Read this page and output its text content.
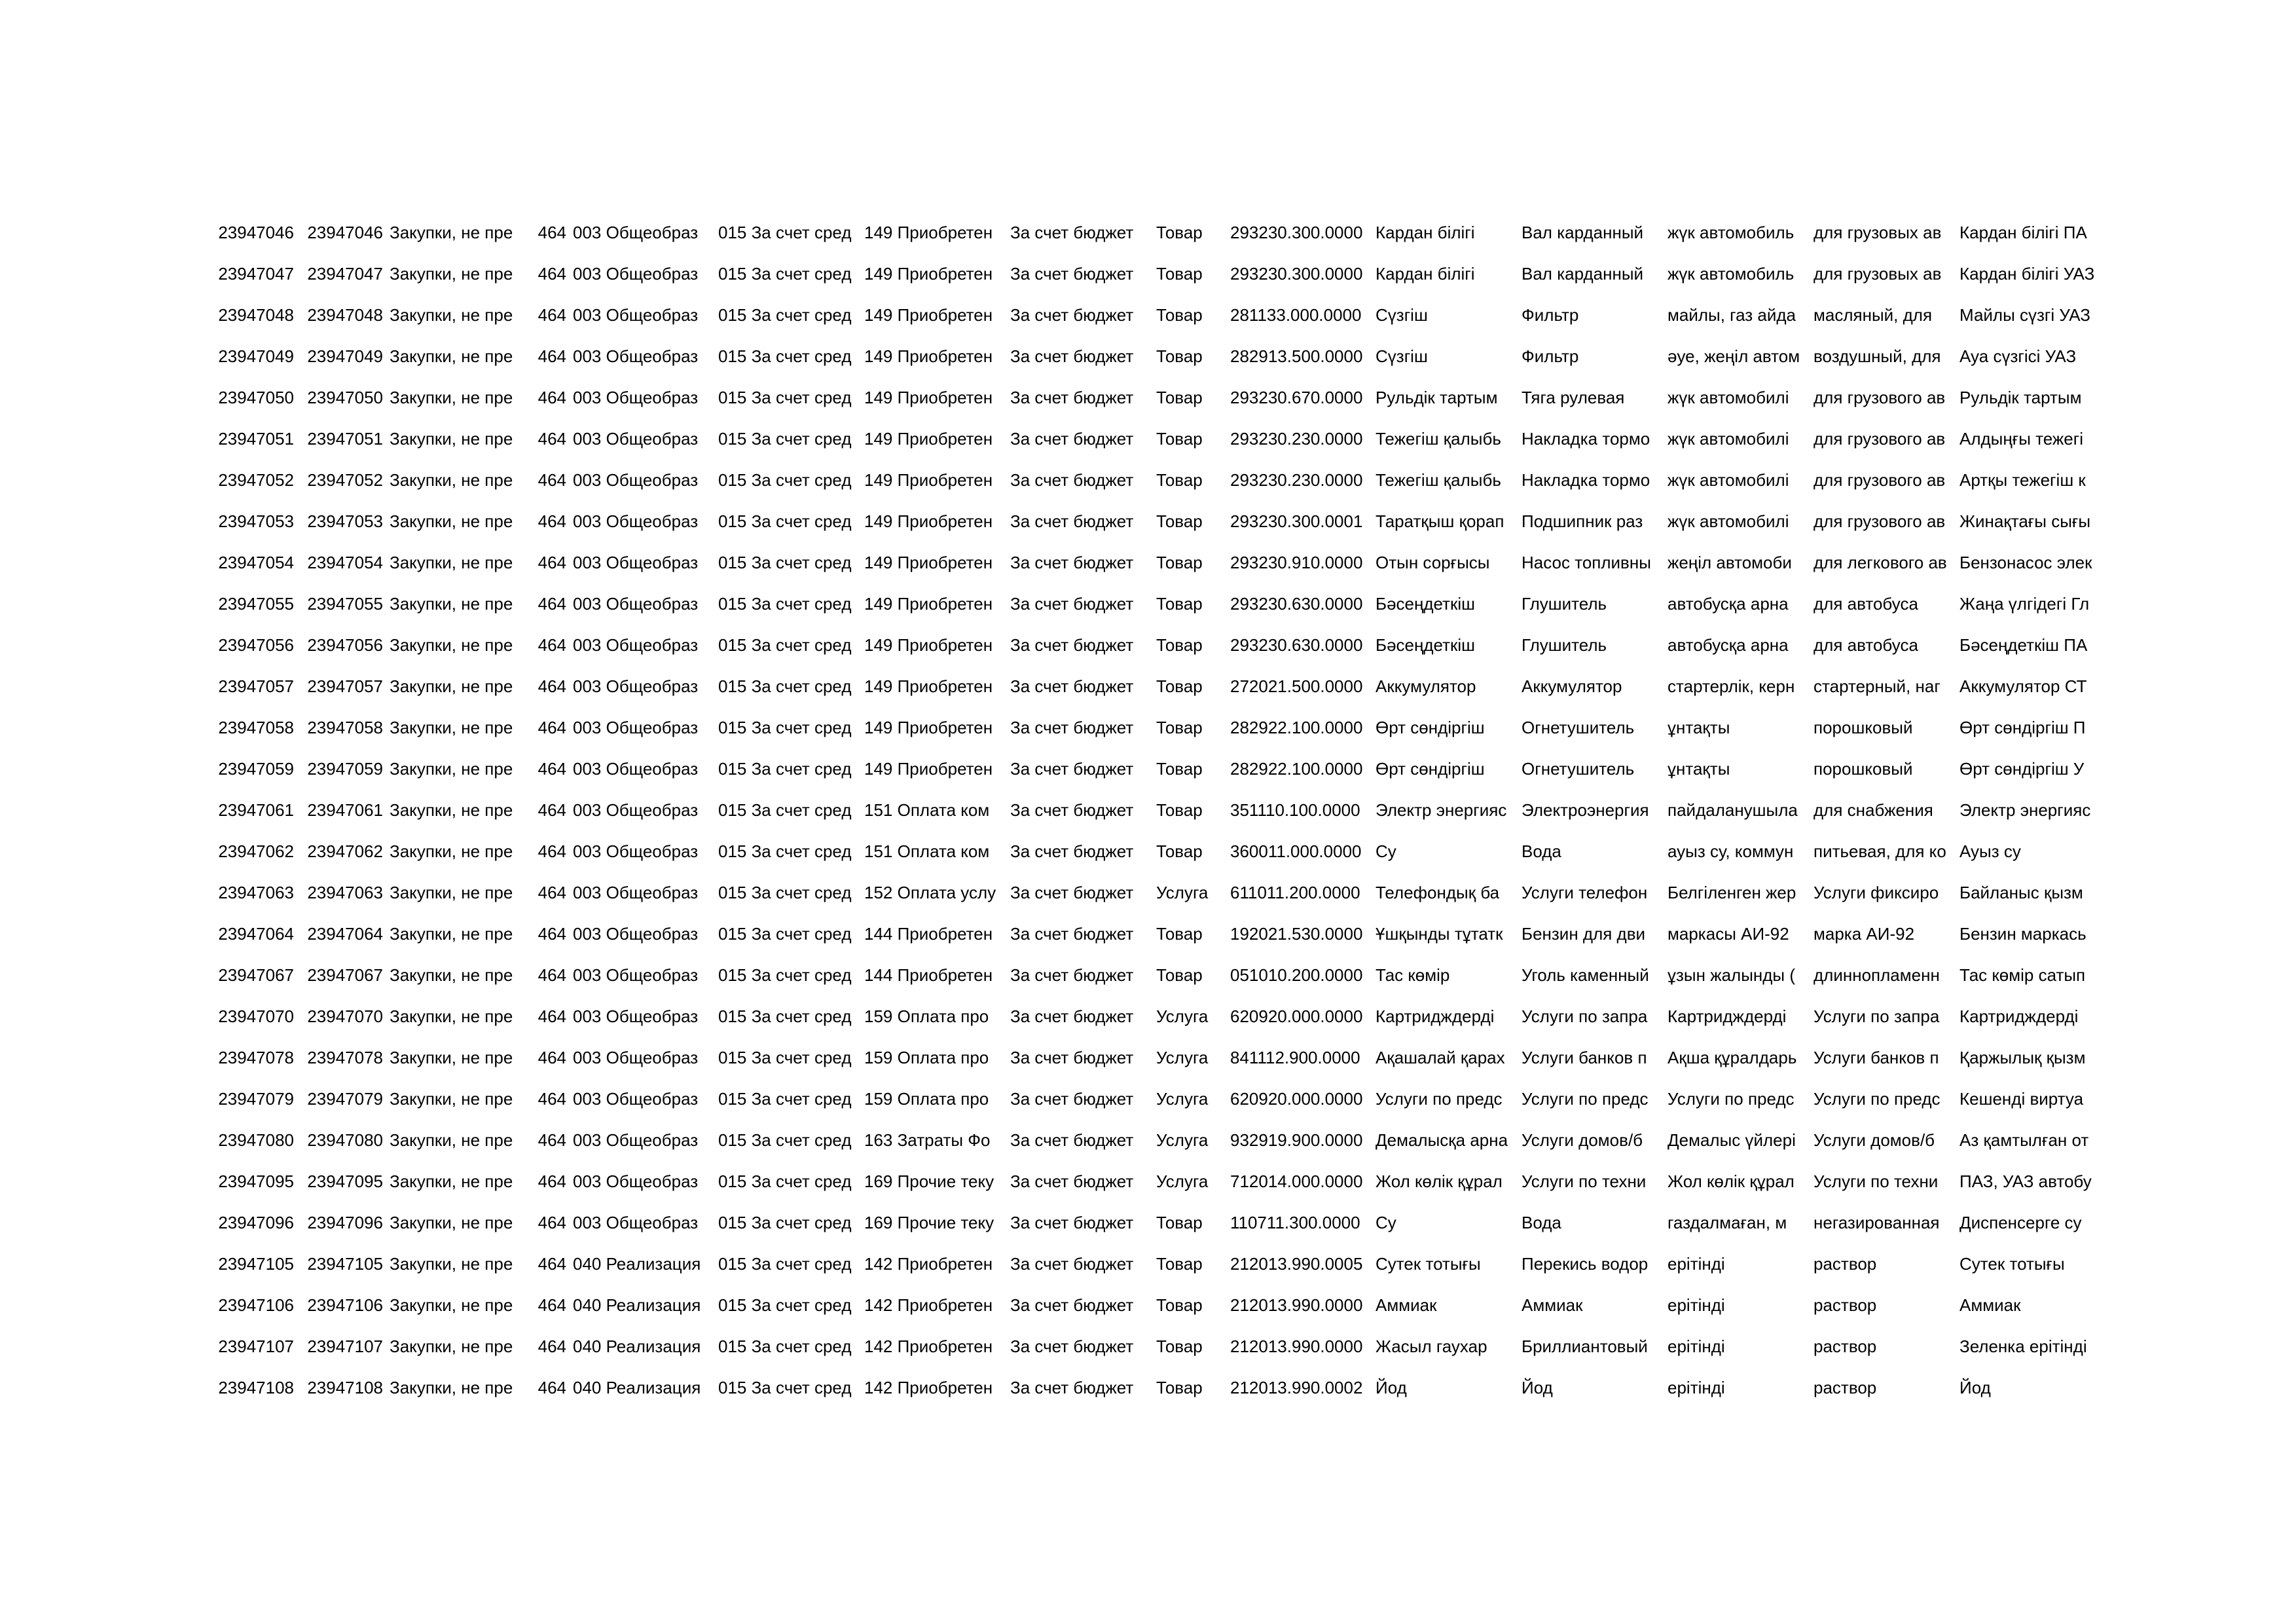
23947046	23947046	Закупки, не пре	464	003 Общеобраз	015 За счет сред	149 Приобретен	За счет бюджет	Товар	293230.300.0000	Кардан білігі	Вал карданный	жүк автомобиль	для грузовых ав	Кардан білігі ПА

23947047	23947047	Закупки, не пре	464	003 Общеобраз	015 За счет сред	149 Приобретен	За счет бюджет	Товар	293230.300.0000	Кардан білігі	Вал карданный	жүк автомобиль	для грузовых ав	Кардан білігі УАЗ

23947048	23947048	Закупки, не пре	464	003 Общеобраз	015 За счет сред	149 Приобретен	За счет бюджет	Товар	281133.000.0000	Сүзгіш	Фильтр	майлы, газ айда	масляный, для	Майлы сүзгі УАЗ

23947049	23947049	Закупки, не пре	464	003 Общеобраз	015 За счет сред	149 Приобретен	За счет бюджет	Товар	282913.500.0000	Сүзгіш	Фильтр	әуе, жеңіл автом	воздушный, для	Ауа сүзгісі УАЗ

23947050	23947050	Закупки, не пре	464	003 Общеобраз	015 За счет сред	149 Приобретен	За счет бюджет	Товар	293230.670.0000	Рульдік тартым	Тяга рулевая	жүк автомобилі	для грузового ав	Рульдік тартым

23947051	23947051	Закупки, не пре	464	003 Общеобраз	015 За счет сред	149 Приобретен	За счет бюджет	Товар	293230.230.0000	Тежегіш қалыбь	Накладка тормо	жүк автомобилі	для грузового ав	Алдыңғы тежегі

23947052	23947052	Закупки, не пре	464	003 Общеобраз	015 За счет сред	149 Приобретен	За счет бюджет	Товар	293230.230.0000	Тежегіш қалыбь	Накладка тормо	жүк автомобилі	для грузового ав	Артқы тежегіш к

23947053	23947053	Закупки, не пре	464	003 Общеобраз	015 За счет сред	149 Приобретен	За счет бюджет	Товар	293230.300.0001	Таратқыш қорап	Подшипник раз	жүк автомобилі	для грузового ав	Жинақтағы сығы

23947054	23947054	Закупки, не пре	464	003 Общеобраз	015 За счет сред	149 Приобретен	За счет бюджет	Товар	293230.910.0000	Отын сорғысы	Насос топливны	жеңіл автомоби	для легкового ав	Бензонасос элек

23947055	23947055	Закупки, не пре	464	003 Общеобраз	015 За счет сред	149 Приобретен	За счет бюджет	Товар	293230.630.0000	Бәсеңдеткіш	Глушитель	автобусқа арна	для автобуса	Жаңа үлгідегі Гл

23947056	23947056	Закупки, не пре	464	003 Общеобраз	015 За счет сред	149 Приобретен	За счет бюджет	Товар	293230.630.0000	Бәсеңдеткіш	Глушитель	автобусқа арна	для автобуса	Бәсеңдеткіш ПА

23947057	23947057	Закупки, не пре	464	003 Общеобраз	015 За счет сред	149 Приобретен	За счет бюджет	Товар	272021.500.0000	Аккумулятор	Аккумулятор	стартерлік, керн	стартерный, наг	Аккумулятор СТ

23947058	23947058	Закупки, не пре	464	003 Общеобраз	015 За счет сред	149 Приобретен	За счет бюджет	Товар	282922.100.0000	Өрт сөндіргіш	Огнетушитель	ұнтақты	порошковый	Өрт сөндіргіш П

23947059	23947059	Закупки, не пре	464	003 Общеобраз	015 За счет сред	149 Приобретен	За счет бюджет	Товар	282922.100.0000	Өрт сөндіргіш	Огнетушитель	ұнтақты	порошковый	Өрт сөндіргіш У

23947061	23947061	Закупки, не пре	464	003 Общеобраз	015 За счет сред	151 Оплата ком	За счет бюджет	Товар	351110.100.0000	Электр энергияс	Электроэнергия	пайдаланушыла	для снабжения	Электр энергияс

23947062	23947062	Закупки, не пре	464	003 Общеобраз	015 За счет сред	151 Оплата ком	За счет бюджет	Товар	360011.000.0000	Су	Вода	ауыз су, коммун	питьевая, для ко	Ауыз су

23947063	23947063	Закупки, не пре	464	003 Общеобраз	015 За счет сред	152 Оплата услу	За счет бюджет	Услуга	611011.200.0000	Телефондық ба	Услуги телефон	Белгіленген жер	Услуги фиксиро	Байланыс қызм

23947064	23947064	Закупки, не пре	464	003 Общеобраз	015 За счет сред	144 Приобретен	За счет бюджет	Товар	192021.530.0000	Ұшқынды тұтатк	Бензин для дви	маркасы АИ-92	марка АИ-92	Бензин маркась

23947067	23947067	Закупки, не пре	464	003 Общеобраз	015 За счет сред	144 Приобретен	За счет бюджет	Товар	051010.200.0000	Тас көмір	Уголь каменный	ұзын жалынды (	длиннопламенн	Тас көмір сатып

23947070	23947070	Закупки, не пре	464	003 Общеобраз	015 За счет сред	159 Оплата про	За счет бюджет	Услуга	620920.000.0000	Картридждерді	Услуги по запра	Картридждерді	Услуги по запра	Картридждерді

23947078	23947078	Закупки, не пре	464	003 Общеобраз	015 За счет сред	159 Оплата про	За счет бюджет	Услуга	841112.900.0000	Ақашалай қарах	Услуги банков п	Ақша құралдарь	Услуги банков п	Қаржылық қызм

23947079	23947079	Закупки, не пре	464	003 Общеобраз	015 За счет сред	159 Оплата про	За счет бюджет	Услуга	620920.000.0000	Услуги по предс	Услуги по предс	Услуги по предс	Услуги по предс	Кешенді виртуа

23947080	23947080	Закупки, не пре	464	003 Общеобраз	015 За счет сред	163 Затраты Фо	За счет бюджет	Услуга	932919.900.0000	Демалысқа арна	Услуги домов/б	Демалыс үйлері	Услуги домов/б	Аз қамтылған от

23947095	23947095	Закупки, не пре	464	003 Общеобраз	015 За счет сред	169 Прочие теку	За счет бюджет	Услуга	712014.000.0000	Жол көлік құрал	Услуги по техни	Жол көлік құрал	Услуги по техни	ПАЗ, УАЗ автобу

23947096	23947096	Закупки, не пре	464	003 Общеобраз	015 За счет сред	169 Прочие теку	За счет бюджет	Товар	110711.300.0000	Су	Вода	газдалмаған, м	негазированная	Диспенсерге су

23947105	23947105	Закупки, не пре	464	040 Реализация	015 За счет сред	142 Приобретен	За счет бюджет	Товар	212013.990.0005	Сутек тотығы	Перекись водор	ерітінді	раствор	Сутек тотығы

23947106	23947106	Закупки, не пре	464	040 Реализация	015 За счет сред	142 Приобретен	За счет бюджет	Товар	212013.990.0000	Аммиак	Аммиак	ерітінді	раствор	Аммиак

23947107	23947107	Закупки, не пре	464	040 Реализация	015 За счет сред	142 Приобретен	За счет бюджет	Товар	212013.990.0000	Жасыл гаухар	Бриллиантовый	ерітінді	раствор	Зеленка ерітінді

23947108	23947108	Закупки, не пре	464	040 Реализация	015 За счет сред	142 Приобретен	За счет бюджет	Товар	212013.990.0002	Йод	Йод	ерітінді	раствор	Йод
